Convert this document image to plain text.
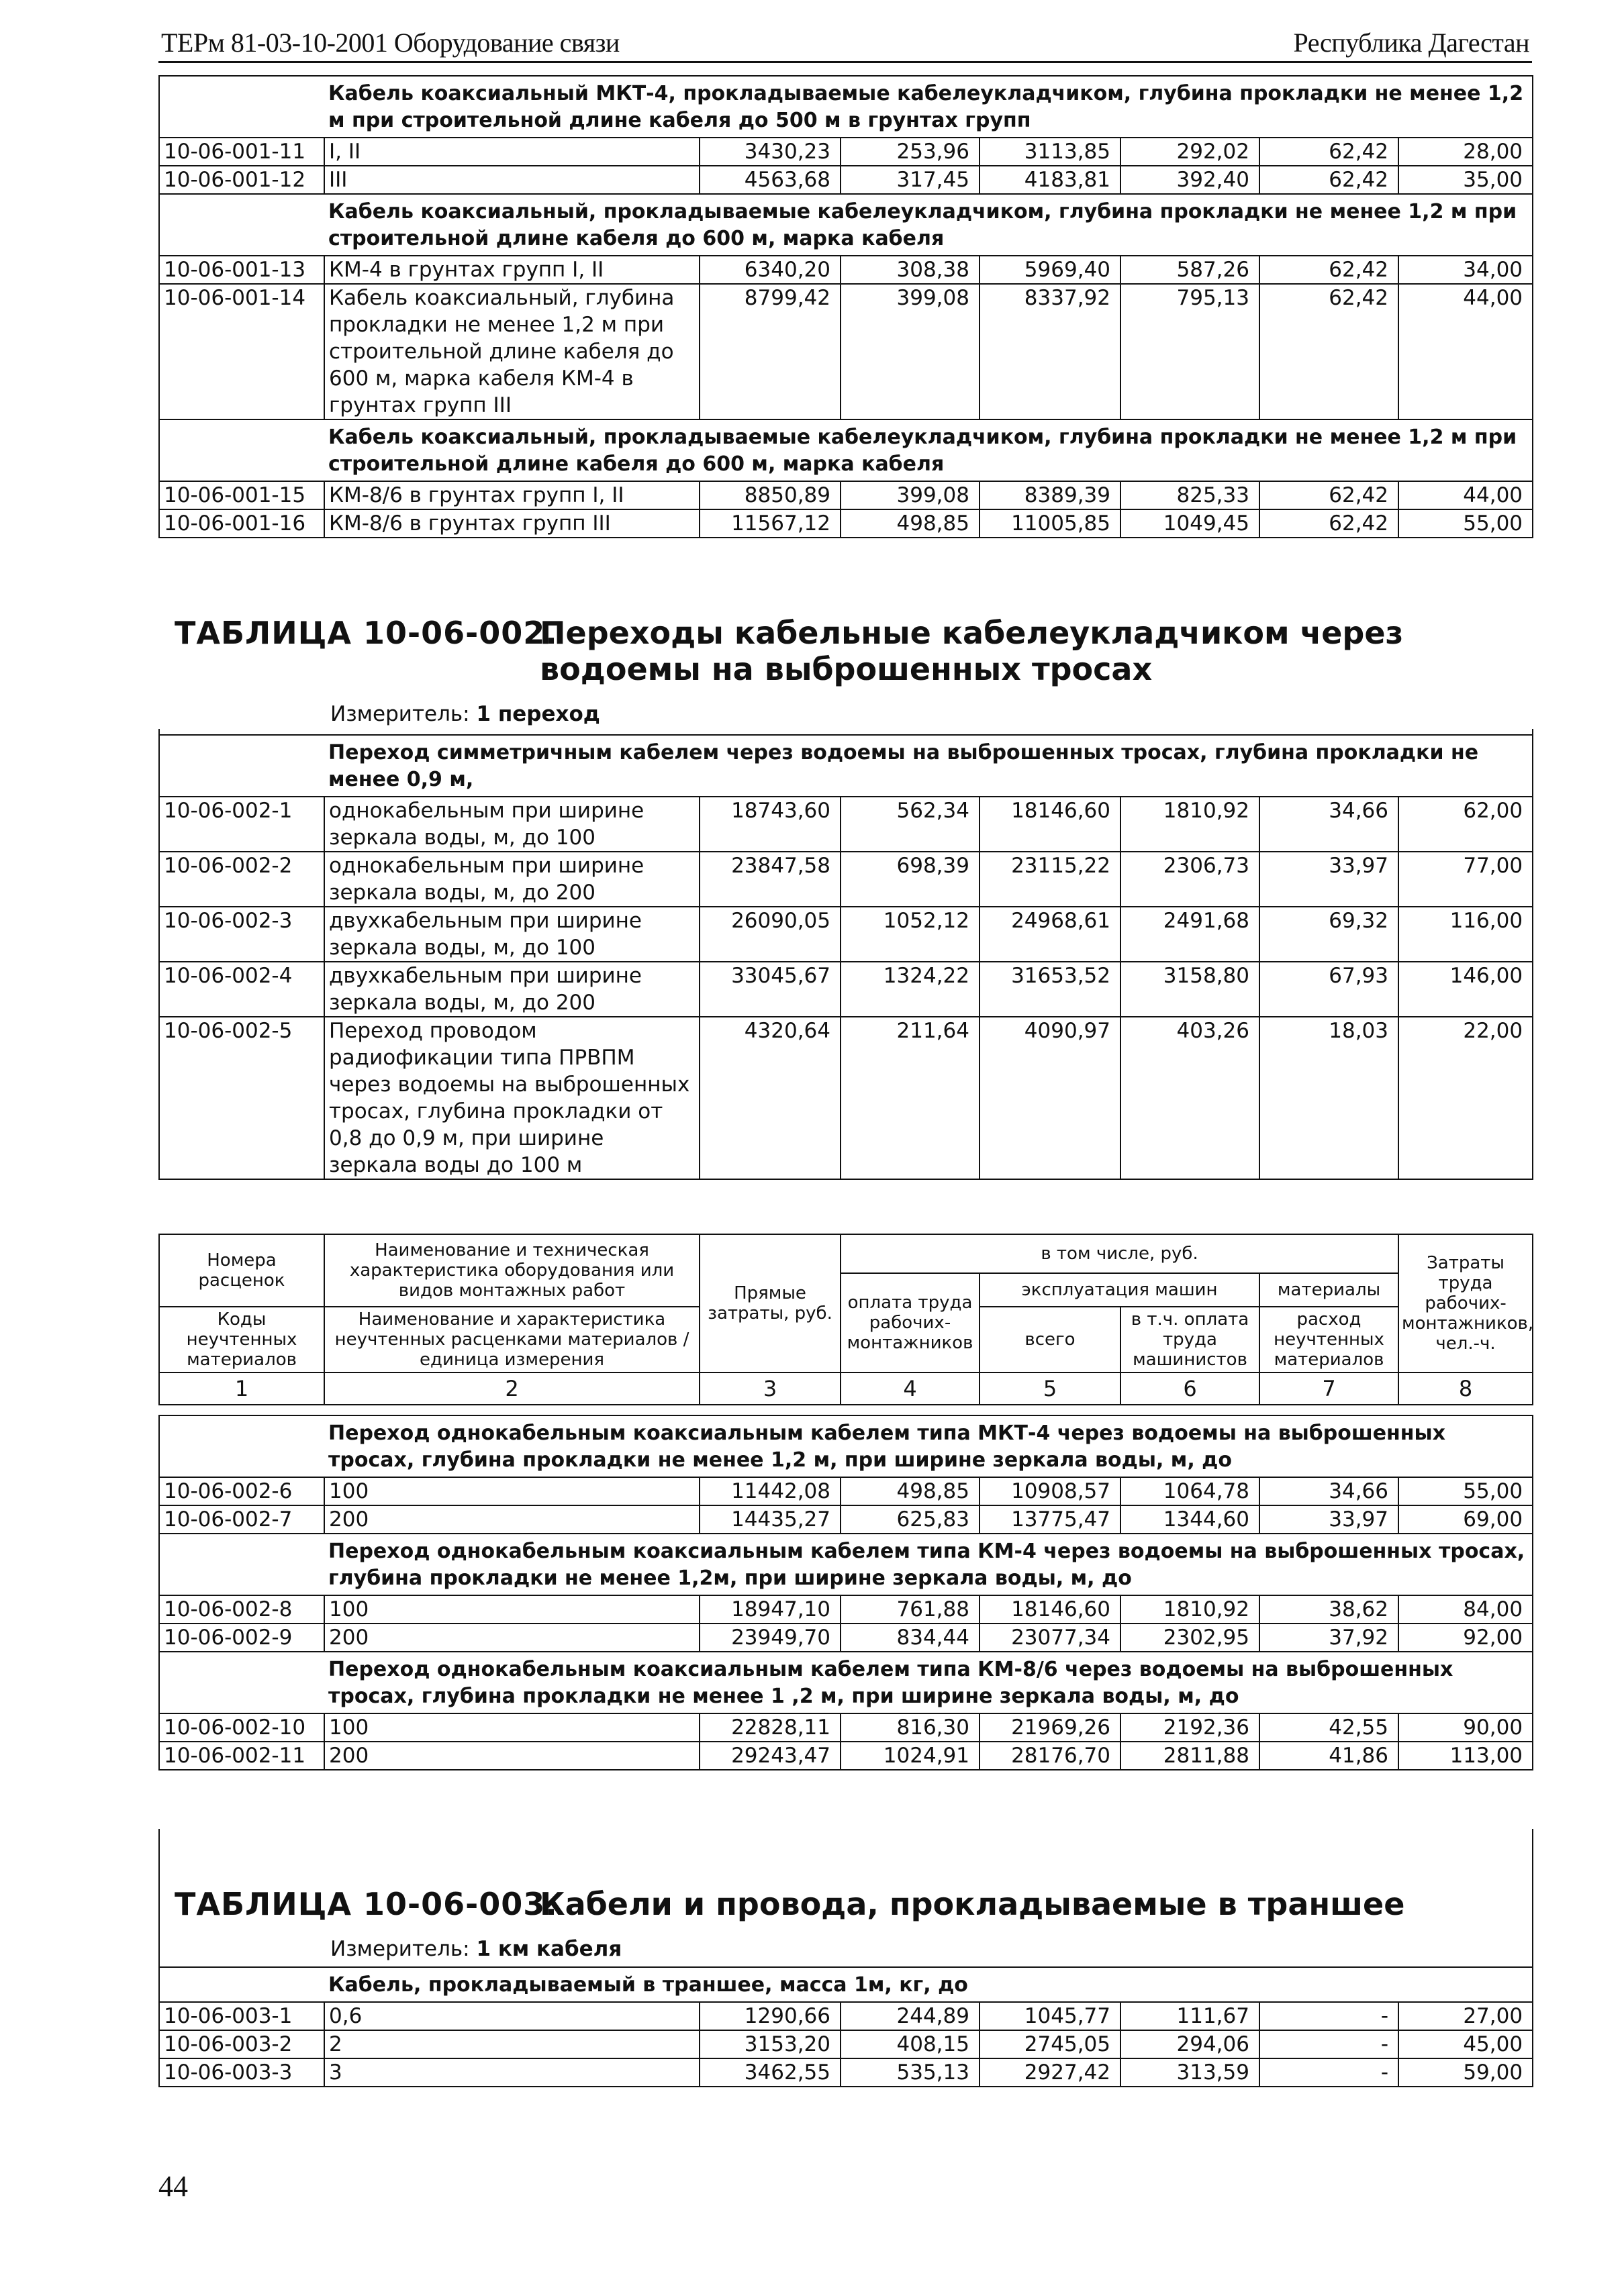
ТЕРм 81-03-10-2001 Оборудование связи	Республика Дагестан
	Кабель коаксиальный МКТ-4, прокладываемые кабелеукладчиком, глубина прокладки не менее 1,2 м при строительной длине кабеля до 500 м в грунтах групп						
10-06-001-11	I, II	3430,23	253,96	3113,85	292,02	62,42	28,00
10-06-001-12	III	4563,68	317,45	4183,81	392,40	62,42	35,00
	Кабель коаксиальный, прокладываемые кабелеукладчиком, глубина прокладки не менее 1,2 м при строительной длине кабеля до 600 м, марка кабеля						
10-06-001-13	КМ-4 в грунтах групп I, II	6340,20	308,38	5969,40	587,26	62,42	34,00
10-06-001-14	Кабель коаксиальный, глубина прокладки не менее 1,2 м при строительной длине кабеля до 600 м, марка кабеля КМ-4 в грунтах групп III	8799,42	399,08	8337,92	795,13	62,42	44,00
	Кабель коаксиальный, прокладываемые кабелеукладчиком, глубина прокладки не менее 1,2 м при строительной длине кабеля до 600 м, марка кабеля						
10-06-001-15	КМ-8/6 в грунтах групп I, II	8850,89	399,08	8389,39	825,33	62,42	44,00
10-06-001-16	КМ-8/6 в грунтах групп III	11567,12	498,85	11005,85	1049,45	62,42	55,00
ТАБЛИЦА 10-06-002.
Переходы кабельные кабелеукладчиком через водоемы на выброшенных тросах
Измеритель: 1 переход
	Переход симметричным кабелем через водоемы на выброшенных тросах, глубина прокладки не менее 0,9 м,						
10-06-002-1	однокабельным при ширине зеркала воды, м, до 100	18743,60	562,34	18146,60	1810,92	34,66	62,00
10-06-002-2	однокабельным при ширине зеркала воды, м, до 200	23847,58	698,39	23115,22	2306,73	33,97	77,00
10-06-002-3	двухкабельным при ширине зеркала воды, м, до 100	26090,05	1052,12	24968,61	2491,68	69,32	116,00
10-06-002-4	двухкабельным при ширине зеркала воды, м, до 200	33045,67	1324,22	31653,52	3158,80	67,93	146,00
10-06-002-5	Переход проводом радиофикации типа ПРВПМ через водоемы на выброшенных тросах, глубина прокладки от 0,8 до 0,9 м, при ширине зеркала воды до 100 м	4320,64	211,64	4090,97	403,26	18,03	22,00
Номера расценок	Наименование и техническая характеристика оборудования или видов монтажных работ	Прямые затраты, руб.	в том числе, руб.				Затраты труда рабочих-монтажников, чел.-ч.
			оплата труда рабочих-монтажников	эксплуатация машин		материалы	
Коды неучтенных материалов	Наименование и характеристика неучтенных расценками материалов / единица измерения			всего	в т.ч. оплата труда машинистов	расход неучтенных материалов	
1	2	3	4	5	6	7	8
	Переход однокабельным коаксиальным кабелем типа МКТ-4 через водоемы на выброшенных тросах, глубина прокладки не менее 1,2 м, при ширине зеркала воды, м, до						
10-06-002-6	100	11442,08	498,85	10908,57	1064,78	34,66	55,00
10-06-002-7	200	14435,27	625,83	13775,47	1344,60	33,97	69,00
	Переход однокабельным коаксиальным кабелем типа КМ-4 через водоемы на выброшенных тросах, глубина прокладки не менее 1,2м, при ширине зеркала воды, м, до						
10-06-002-8	100	18947,10	761,88	18146,60	1810,92	38,62	84,00
10-06-002-9	200	23949,70	834,44	23077,34	2302,95	37,92	92,00
	Переход однокабельным коаксиальным кабелем типа КМ-8/6 через водоемы на выброшенных тросах, глубина прокладки не менее 1 ,2 м, при ширине зеркала воды, м, до						
10-06-002-10	100	22828,11	816,30	21969,26	2192,36	42,55	90,00
10-06-002-11	200	29243,47	1024,91	28176,70	2811,88	41,86	113,00
ТАБЛИЦА 10-06-003.
Кабели и провода, прокладываемые в траншее
Измеритель: 1 км кабеля
	Кабель, прокладываемый в траншее, масса 1м, кг, до						
10-06-003-1	0,6	1290,66	244,89	1045,77	111,67	-	27,00
10-06-003-2	2	3153,20	408,15	2745,05	294,06	-	45,00
10-06-003-3	3	3462,55	535,13	2927,42	313,59	-	59,00
44
